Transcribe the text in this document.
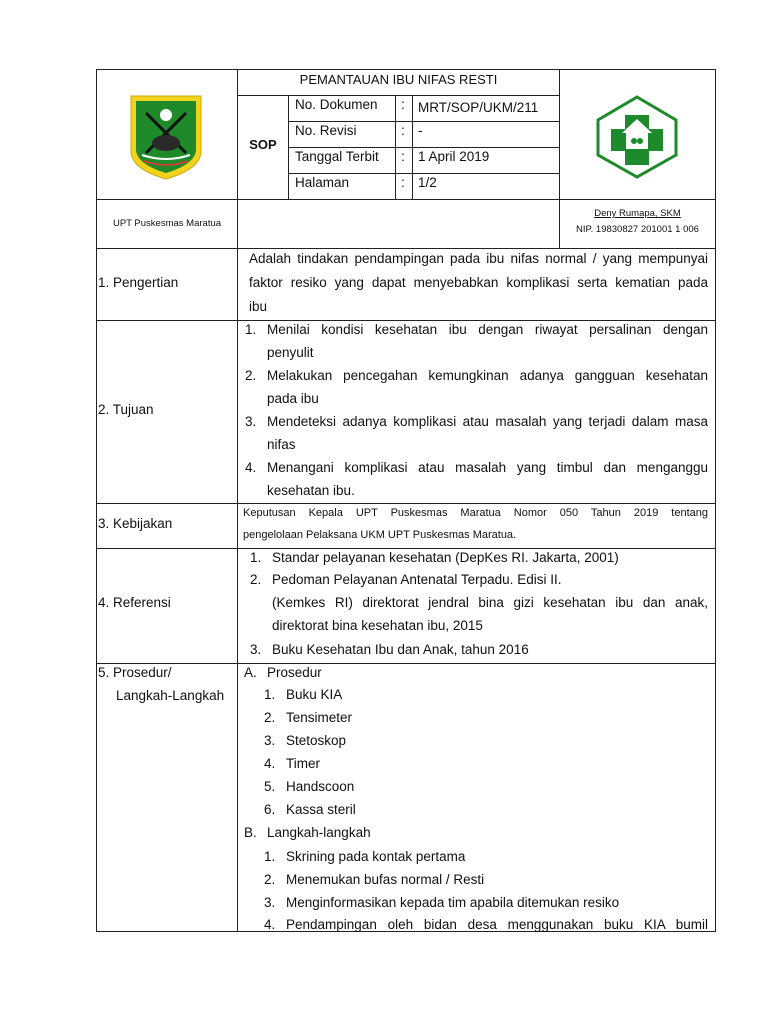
PEMANTAUAN IBU NIFAS RESTI
SOP
No. Dokumen : MRT/SOP/UKM/211
No. Revisi	: -
Tanggal Terbit : 1 April 2019
Halaman	: 1/2
UPT Puskesmas Maratua
Deny Rumapa, SKM
NIP. 19830827 201001 1 006
1. Pengertian
Adalah tindakan pendampingan pada ibu nifas normal / yang mempunyai
faktor resiko yang dapat menyebabkan komplikasi serta kematian pada
ibu
2. Tujuan
1. Menilai kondisi kesehatan ibu dengan riwayat persalinan dengan
penyulit
2. Melakukan pencegahan kemungkinan adanya gangguan kesehatan
pada ibu
3. Mendeteksi adanya komplikasi atau masalah yang terjadi dalam masa
nifas
4. Menangani komplikasi atau masalah yang timbul dan menganggu
kesehatan ibu.
3. Kebijakan
Keputusan Kepala UPT Puskesmas Maratua Nomor 050 Tahun 2019 tentang
pengelolaan Pelaksana UKM UPT Puskesmas Maratua.
4. Referensi
1. Standar pelayanan kesehatan (DepKes RI. Jakarta, 2001)
2. Pedoman Pelayanan Antenatal Terpadu. Edisi II.
(Kemkes RI) direktorat jendral bina gizi kesehatan ibu dan anak,
direktorat bina kesehatan ibu, 2015
3. Buku Kesehatan Ibu dan Anak, tahun 2016
5. Prosedur/
Langkah-Langkah
A. Prosedur
1. Buku KIA
2. Tensimeter
3. Stetoskop
4. Timer
5. Handscoon
6. Kassa steril
B. Langkah-langkah
1. Skrining pada kontak pertama
2. Menemukan bufas normal / Resti
3. Menginformasikan kepada tim apabila ditemukan resiko
4. Pendampingan oleh bidan desa menggunakan buku KIA bumil
